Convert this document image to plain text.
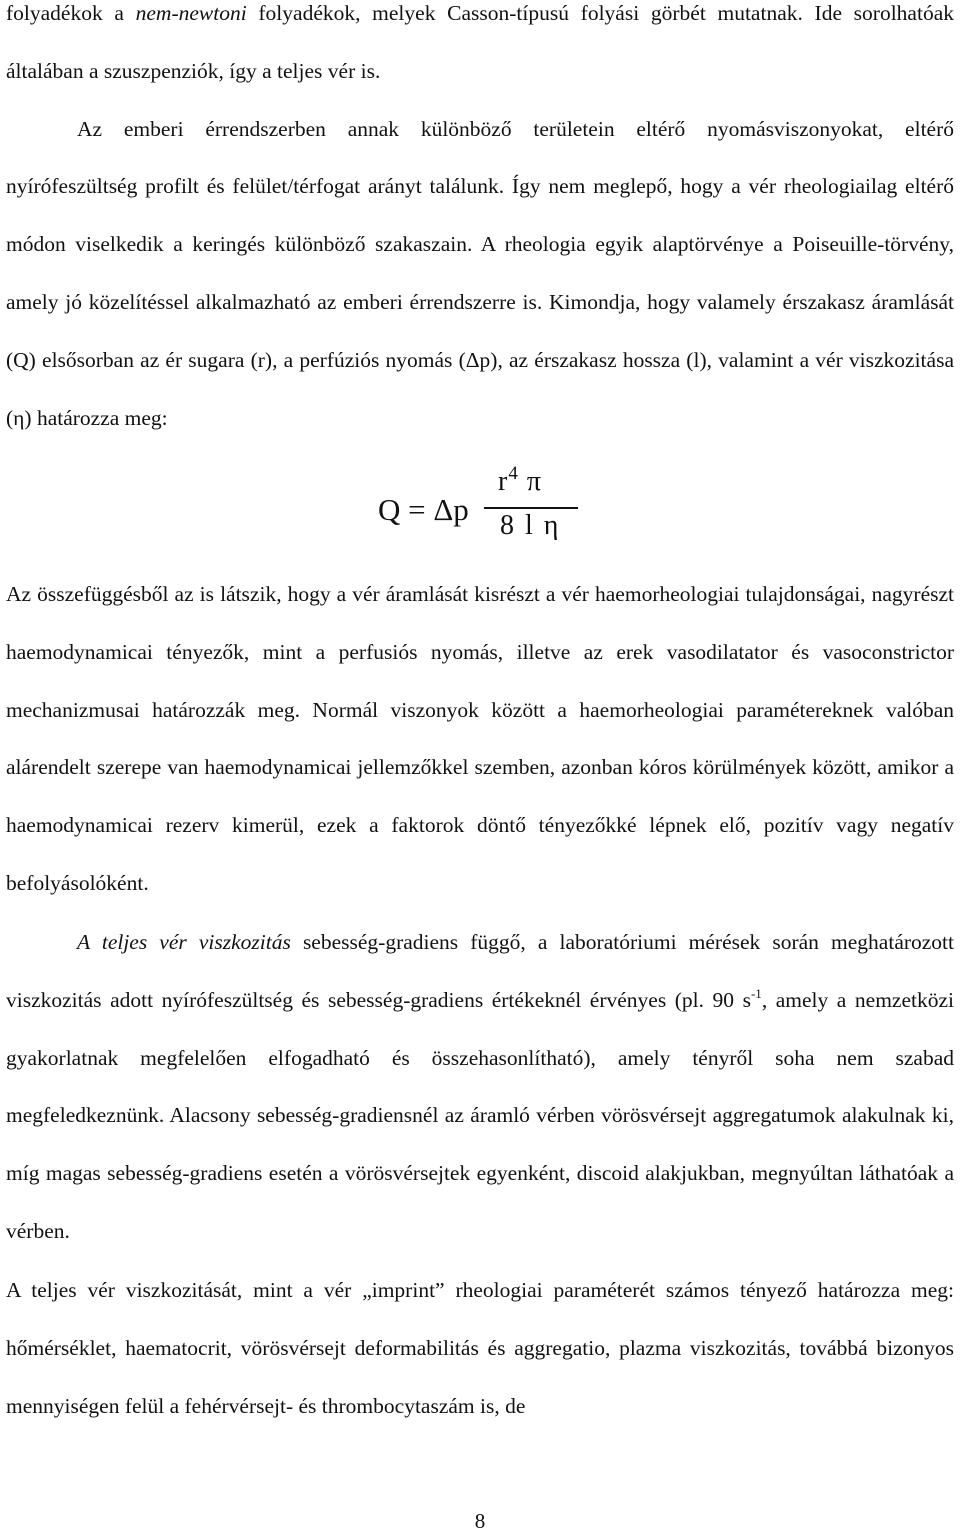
folyadékok a nem-newtoni folyadékok, melyek Casson-típusú folyási görbét mutatnak. Ide sorolhatóak általában a szuszpenziók, így a teljes vér is.
Az emberi érrendszerben annak különböző területein eltérő nyomásviszonyokat, eltérő nyírófeszültség profilt és felület/térfogat arányt találunk. Így nem meglepő, hogy a vér rheologiailag eltérő módon viselkedik a keringés különböző szakaszain. A rheologia egyik alaptörvénye a Poiseuille-törvény, amely jó közelítéssel alkalmazható az emberi érrendszerre is. Kimondja, hogy valamely érszakasz áramlását (Q) elsősorban az ér sugara (r), a perfúziós nyomás (Δp), az érszakasz hossza (l), valamint a vér viszkozitása (η) határozza meg:

Q = Δp
$r^4$ π
8 l η

Az összefüggésből az is látszik, hogy a vér áramlását kisrészt a vér haemorheologiai tulajdonságai, nagyrészt haemodynamicai tényezők, mint a perfusiós nyomás, illetve az erek vasodilatator és vasoconstrictor mechanizmusai határozzák meg. Normál viszonyok között a haemorheologiai paramétereknek valóban alárendelt szerepe van haemodynamicai jellemzőkkel szemben, azonban kóros körülmények között, amikor a haemodynamicai rezerv kimerül, ezek a faktorok döntő tényezőkké lépnek elő, pozitív vagy negatív befolyásolóként.

A teljes vér viszkozitás sebesség-gradiens függő, a laboratóriumi mérések során meghatározott viszkozitás adott nyírófeszültség és sebesség-gradiens értékeknél érvényes (pl. 90 $s^{-1}$, amely a nemzetközi gyakorlatnak megfelelően elfogadható és összehasonlítható), amely tényről soha nem szabad megfeledkeznünk. Alacsony sebesség-gradiensnél az áramló vérben vörösvérsejt aggregatumok alakulnak ki, míg magas sebesség-gradiens esetén a vörösvérsejtek egyenként, discoid alakjukban, megnyúltan láthatóak a vérben.

A teljes vér viszkozitását, mint a vér „imprint” rheologiai paraméterét számos tényező határozza meg: hőmérséklet, haematocrit, vörösvérsejt deformabilitás és aggregatio, plazma viszkozitás, továbbá bizonyos mennyiségen felül a fehérvérsejt- és thrombocytaszám is, de

8
